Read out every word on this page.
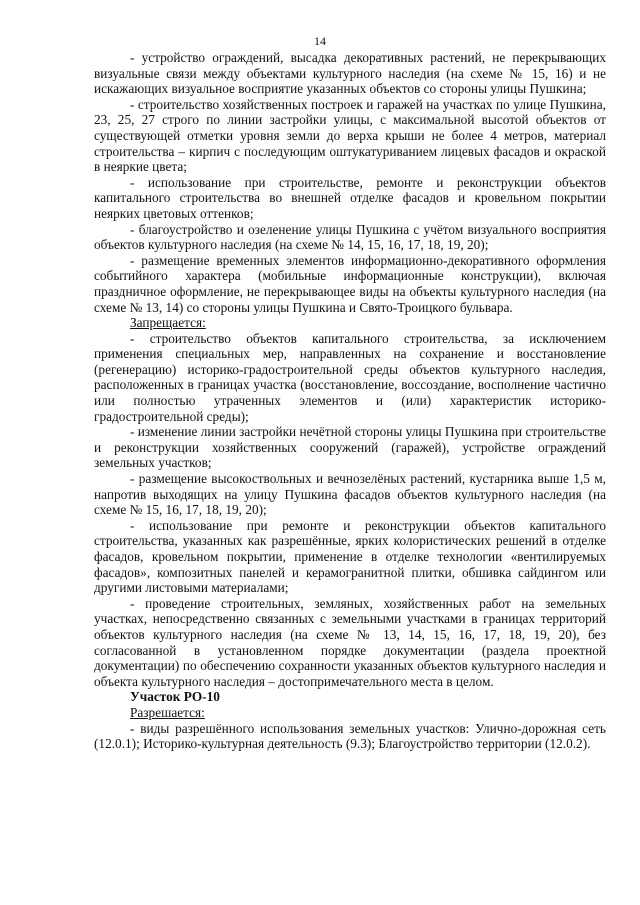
14

- устройство ограждений, высадка декоративных растений, не перекрывающих визуальные связи между объектами культурного наследия (на схеме № 15, 16) и не искажающих визуальное восприятие указанных объектов со стороны улицы Пушкина;

- строительство хозяйственных построек и гаражей на участках по улице Пушкина, 23, 25, 27 строго по линии застройки улицы, с максимальной высотой объектов от существующей отметки уровня земли до верха крыши не более 4 метров, материал строительства – кирпич с последующим оштукатуриванием лицевых фасадов и окраской в неяркие цвета;

- использование при строительстве, ремонте и реконструкции объектов капитального строительства во внешней отделке фасадов и кровельном покрытии неярких цветовых оттенков;

- благоустройство и озеленение улицы Пушкина с учётом визуального восприятия объектов культурного наследия (на схеме № 14, 15, 16, 17, 18, 19, 20);

- размещение временных элементов информационно-декоративного оформления событийного характера (мобильные информационные конструкции), включая праздничное оформление, не перекрывающее виды на объекты культурного наследия (на схеме № 13, 14) со стороны улицы Пушкина и Свято-Троицкого бульвара.

Запрещается:

- строительство объектов капитального строительства, за исключением применения специальных мер, направленных на сохранение и восстановление (регенерацию) историко-градостроительной среды объектов культурного наследия, расположенных в границах участка (восстановление, воссоздание, восполнение частично или полностью утраченных элементов и (или) характеристик историко-градостроительной среды);

- изменение линии застройки нечётной стороны улицы Пушкина при строительстве и реконструкции хозяйственных сооружений (гаражей), устройстве ограждений земельных участков;

- размещение высокоствольных и вечнозелёных растений, кустарника выше 1,5 м, напротив выходящих на улицу Пушкина фасадов объектов культурного наследия (на схеме № 15, 16, 17, 18, 19, 20);

- использование при ремонте и реконструкции объектов капитального строительства, указанных как разрешённые, ярких колористических решений в отделке фасадов, кровельном покрытии, применение в отделке технологии «вентилируемых фасадов», композитных панелей и керамогранитной плитки, обшивка сайдингом или другими листовыми материалами;

- проведение строительных, земляных, хозяйственных работ на земельных участках, непосредственно связанных с земельными участками в границах территорий объектов культурного наследия (на схеме № 13, 14, 15, 16, 17, 18, 19, 20), без согласованной в установленном порядке документации (раздела проектной документации) по обеспечению сохранности указанных объектов культурного наследия и объекта культурного наследия – достопримечательного места в целом.

Участок РО-10

Разрешается:

- виды разрешённого использования земельных участков: Улично-дорожная сеть (12.0.1); Историко-культурная деятельность (9.3); Благоустройство территории (12.0.2).
